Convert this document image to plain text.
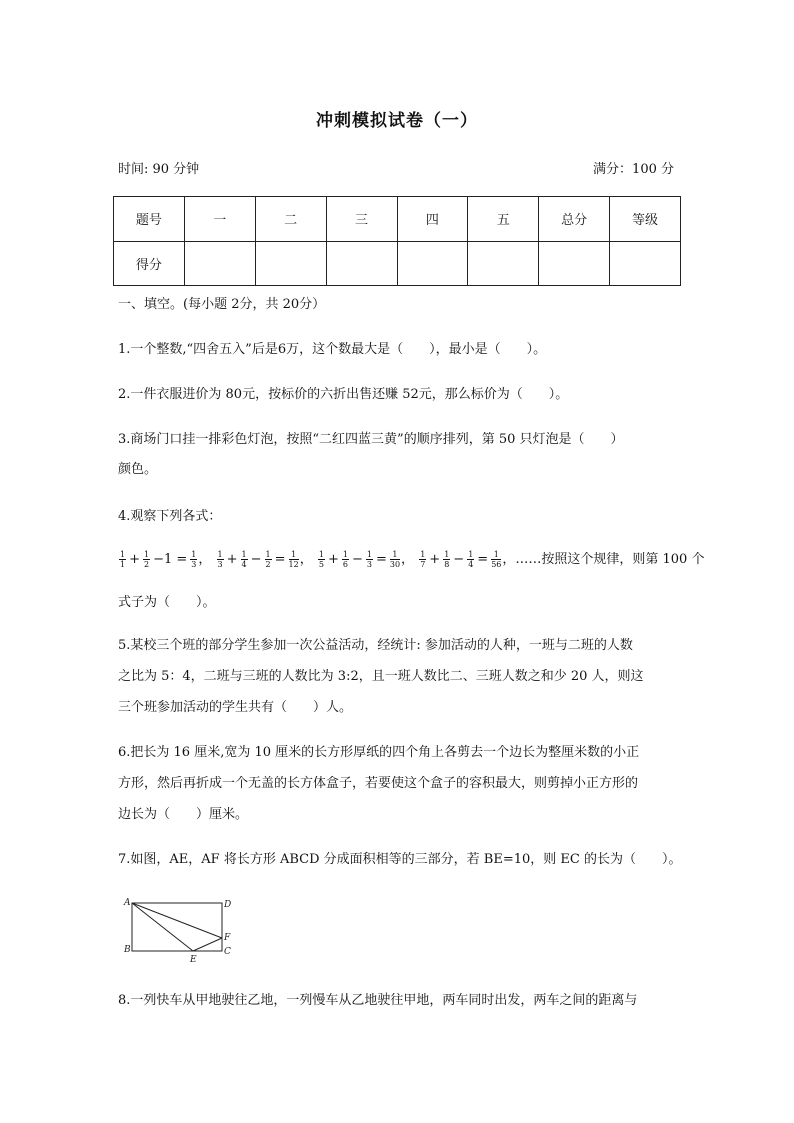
冲刺模拟试卷（一）
时间: 90 分钟	满分：100 分
题号	一	二	三	四	五	总分	等级
得分							
一、填空。(每小题 2分，共 20分）
1.一个整数,“四舍五入”后是6万，这个数最大是（　　），最小是（　　）。
2.一件衣服进价为 80元，按标价的六折出售还赚 52元，那么标价为（　　）。
3.商场门口挂一排彩色灯泡，按照“二红四蓝三黄”的顺序排列，第 50 只灯泡是（　　）
颜色。
4.观察下列各式：
$\frac{1}{1} + \frac{1}{2} -1 = \frac{1}{3}$ ， $\frac{1}{3} + \frac{1}{4} - \frac{1}{2} = \frac{1}{12}$ ， $\frac{1}{5} + \frac{1}{6} - \frac{1}{3} = \frac{1}{30}$ ， $\frac{1}{7} + \frac{1}{8} - \frac{1}{4} = \frac{1}{56}$ ，……按照这个规律，则第 100 个
式子为（　　）。
5.某校三个班的部分学生参加一次公益活动，经统计: 参加活动的人种，一班与二班的人数
之比为 5：4，二班与三班的人数比为 3:2，且一班人数比二、三班人数之和少 20 人，则这
三个班参加活动的学生共有（　　）人。
6.把长为 16 厘米,宽为 10 厘米的长方形厚纸的四个角上各剪去一个边长为整厘米数的小正
方形，然后再折成一个无盖的长方体盒子，若要使这个盒子的容积最大，则剪掉小正方形的
边长为（　　）厘米。
7.如图，AE，AF 将长方形 ABCD 分成面积相等的三部分，若 BE=10，则 EC 的长为（　　）。
A	D
B	C
F
E
8.一列快车从甲地驶往乙地，一列慢车从乙地驶往甲地，两车同时出发，两车之间的距离与
